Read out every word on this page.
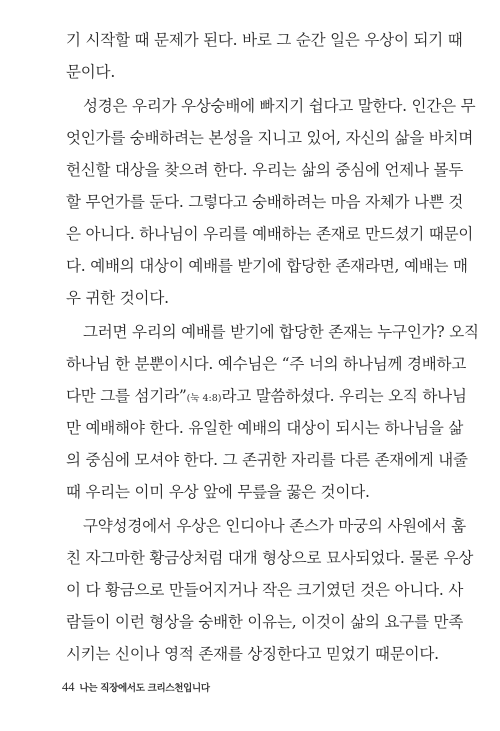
기 시작할 때 문제가 된다. 바로 그 순간 일은 우상이 되기 때
문이다.
성경은 우리가 우상숭배에 빠지기 쉽다고 말한다. 인간은 무
엇인가를 숭배하려는 본성을 지니고 있어, 자신의 삶을 바치며
헌신할 대상을 찾으려 한다. 우리는 삶의 중심에 언제나 몰두
할 무언가를 둔다. 그렇다고 숭배하려는 마음 자체가 나쁜 것
은 아니다. 하나님이 우리를 예배하는 존재로 만드셨기 때문이
다. 예배의 대상이 예배를 받기에 합당한 존재라면, 예배는 매
우 귀한 것이다.
그러면 우리의 예배를 받기에 합당한 존재는 누구인가? 오직
하나님 한 분뿐이시다. 예수님은 “주 너의 하나님께 경배하고
다만 그를 섬기라”(눅 4:8)라고 말씀하셨다. 우리는 오직 하나님
만 예배해야 한다. 유일한 예배의 대상이 되시는 하나님을 삶
의 중심에 모셔야 한다. 그 존귀한 자리를 다른 존재에게 내줄
때 우리는 이미 우상 앞에 무릎을 꿇은 것이다.
구약성경에서 우상은 인디아나 존스가 마궁의 사원에서 훔
친 자그마한 황금상처럼 대개 형상으로 묘사되었다. 물론 우상
이 다 황금으로 만들어지거나 작은 크기였던 것은 아니다. 사
44 나는 직장에서도 크리스천입니다
람들이 이런 형상을 숭배한 이유는, 이것이 삶의 요구를 만족
시키는 신이나 영적 존재를 상징한다고 믿었기 때문이다.
